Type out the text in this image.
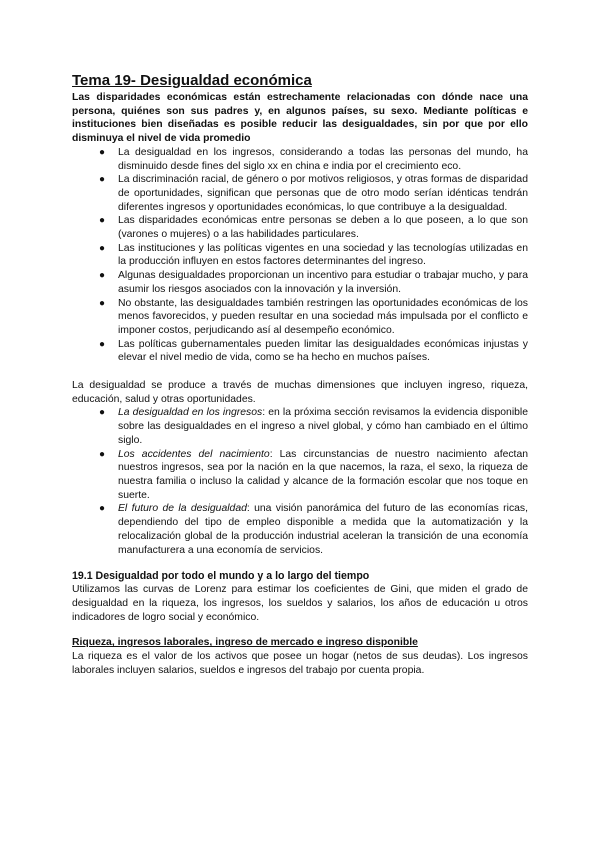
Tema 19- Desigualdad económica

Las disparidades económicas están estrechamente relacionadas con dónde nace una persona, quiénes son sus padres y, en algunos países, su sexo. Mediante políticas e instituciones bien diseñadas es posible reducir las desigualdades, sin por que por ello disminuya el nivel de vida promedio

● La desigualdad en los ingresos, considerando a todas las personas del mundo, ha disminuido desde fines del siglo xx en china e india por el crecimiento eco.
● La discriminación racial, de género o por motivos religiosos, y otras formas de disparidad de oportunidades, significan que personas que de otro modo serían idénticas tendrán diferentes ingresos y oportunidades económicas, lo que contribuye a la desigualdad.
● Las disparidades económicas entre personas se deben a lo que poseen, a lo que son (varones o mujeres) o a las habilidades particulares.
● Las instituciones y las políticas vigentes en una sociedad y las tecnologías utilizadas en la producción influyen en estos factores determinantes del ingreso.
● Algunas desigualdades proporcionan un incentivo para estudiar o trabajar mucho, y para asumir los riesgos asociados con la innovación y la inversión.
● No obstante, las desigualdades también restringen las oportunidades económicas de los menos favorecidos, y pueden resultar en una sociedad más impulsada por el conflicto e imponer costos, perjudicando así al desempeño económico.
● Las políticas gubernamentales pueden limitar las desigualdades económicas injustas y elevar el nivel medio de vida, como se ha hecho en muchos países.

La desigualdad se produce a través de muchas dimensiones que incluyen ingreso, riqueza, educación, salud y otras oportunidades.

● La desigualdad en los ingresos: en la próxima sección revisamos la evidencia disponible sobre las desigualdades en el ingreso a nivel global, y cómo han cambiado en el último siglo.
● Los accidentes del nacimiento: Las circunstancias de nuestro nacimiento afectan nuestros ingresos, sea por la nación en la que nacemos, la raza, el sexo, la riqueza de nuestra familia o incluso la calidad y alcance de la formación escolar que nos toque en suerte.
● El futuro de la desigualdad: una visión panorámica del futuro de las economías ricas, dependiendo del tipo de empleo disponible a medida que la automatización y la relocalización global de la producción industrial aceleran la transición de una economía manufacturera a una economía de servicios.
19.1 Desigualdad por todo el mundo y a lo largo del tiempo

Utilizamos las curvas de Lorenz para estimar los coeficientes de Gini, que miden el grado de desigualdad en la riqueza, los ingresos, los sueldos y salarios, los años de educación u otros indicadores de logro social y económico.

Riqueza, ingresos laborales, ingreso de mercado e ingreso disponible

La riqueza es el valor de los activos que posee un hogar (netos de sus deudas). Los ingresos laborales incluyen salarios, sueldos e ingresos del trabajo por cuenta propia.
